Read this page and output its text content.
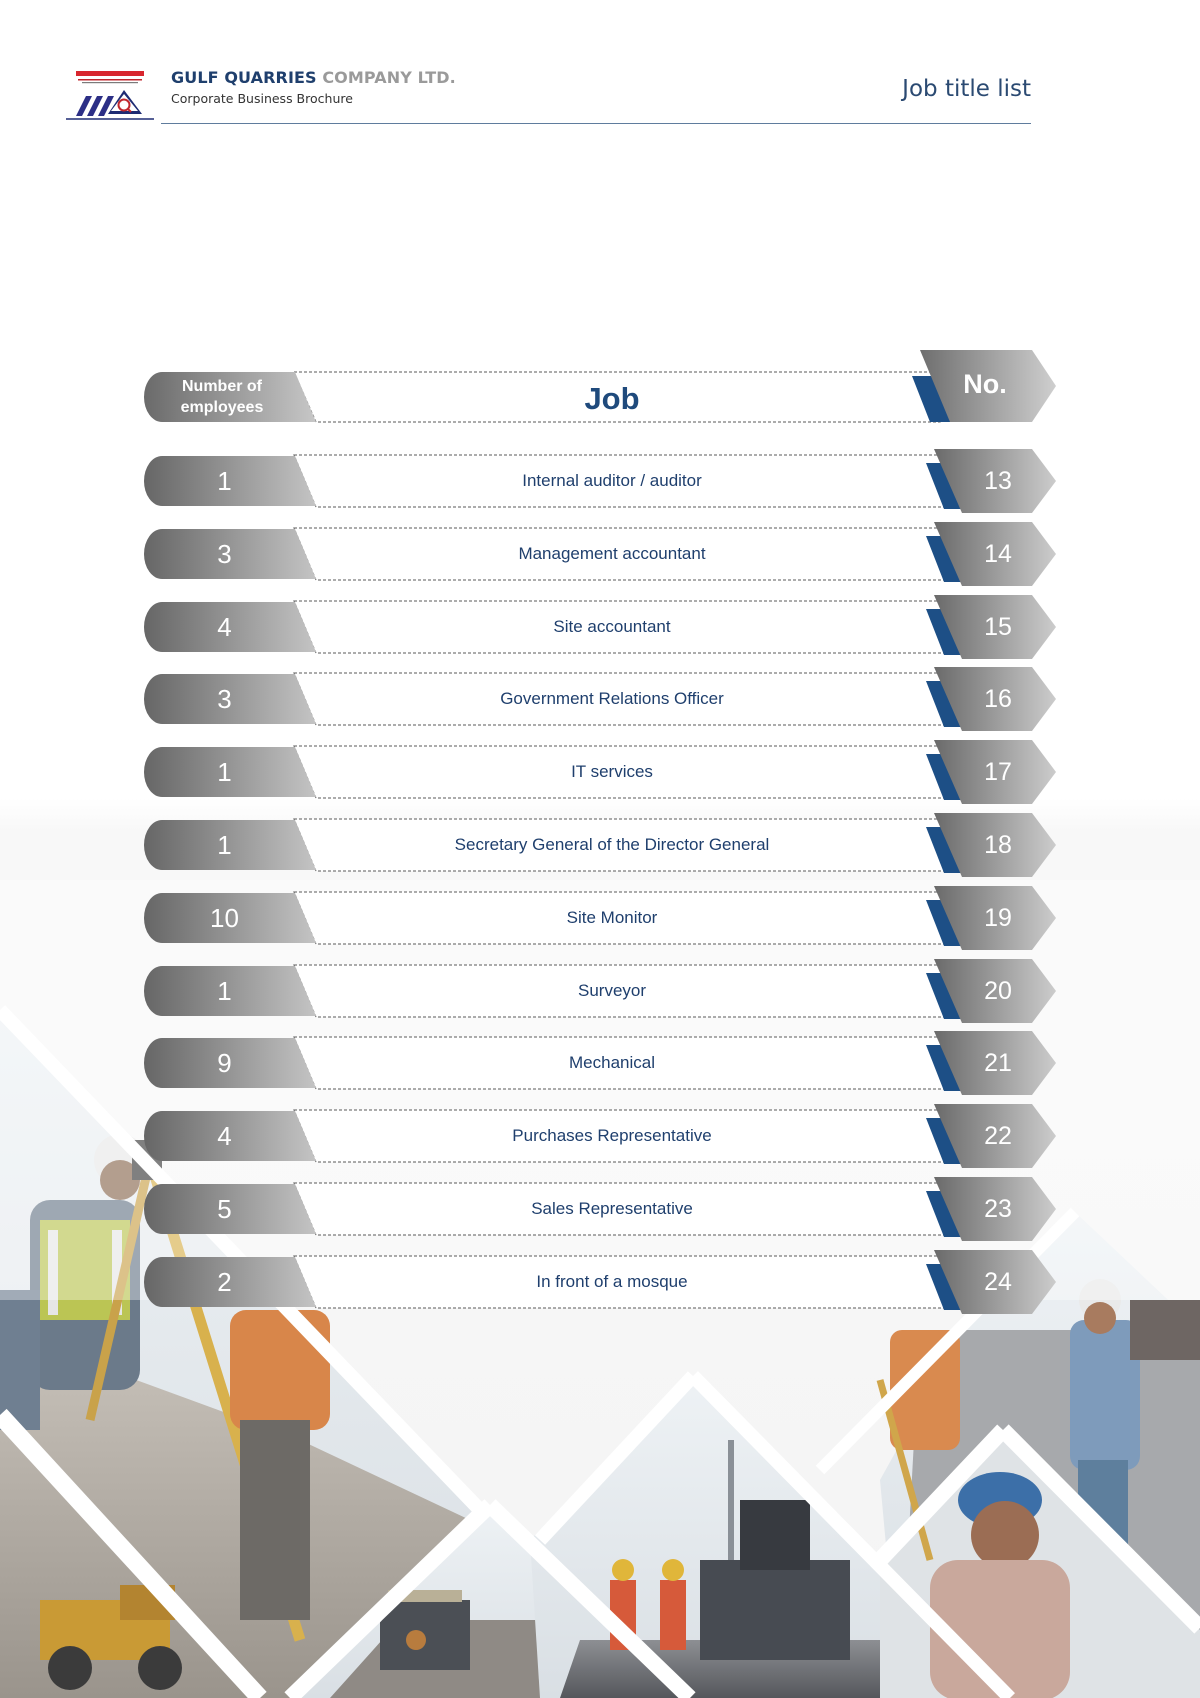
GULF QUARRIES COMPANY LTD.
Corporate Business Brochure	Job title list
Number of employees	Job	No.
1	Internal auditor / auditor	13
3	Management accountant	14
4	Site accountant	15
3	Government Relations Officer	16
1	IT services	17
1	Secretary General of the Director General	18
10	Site Monitor	19
1	Surveyor	20
9	Mechanical	21
4	Purchases Representative	22
5	Sales Representative	23
2	In front of a mosque	24
